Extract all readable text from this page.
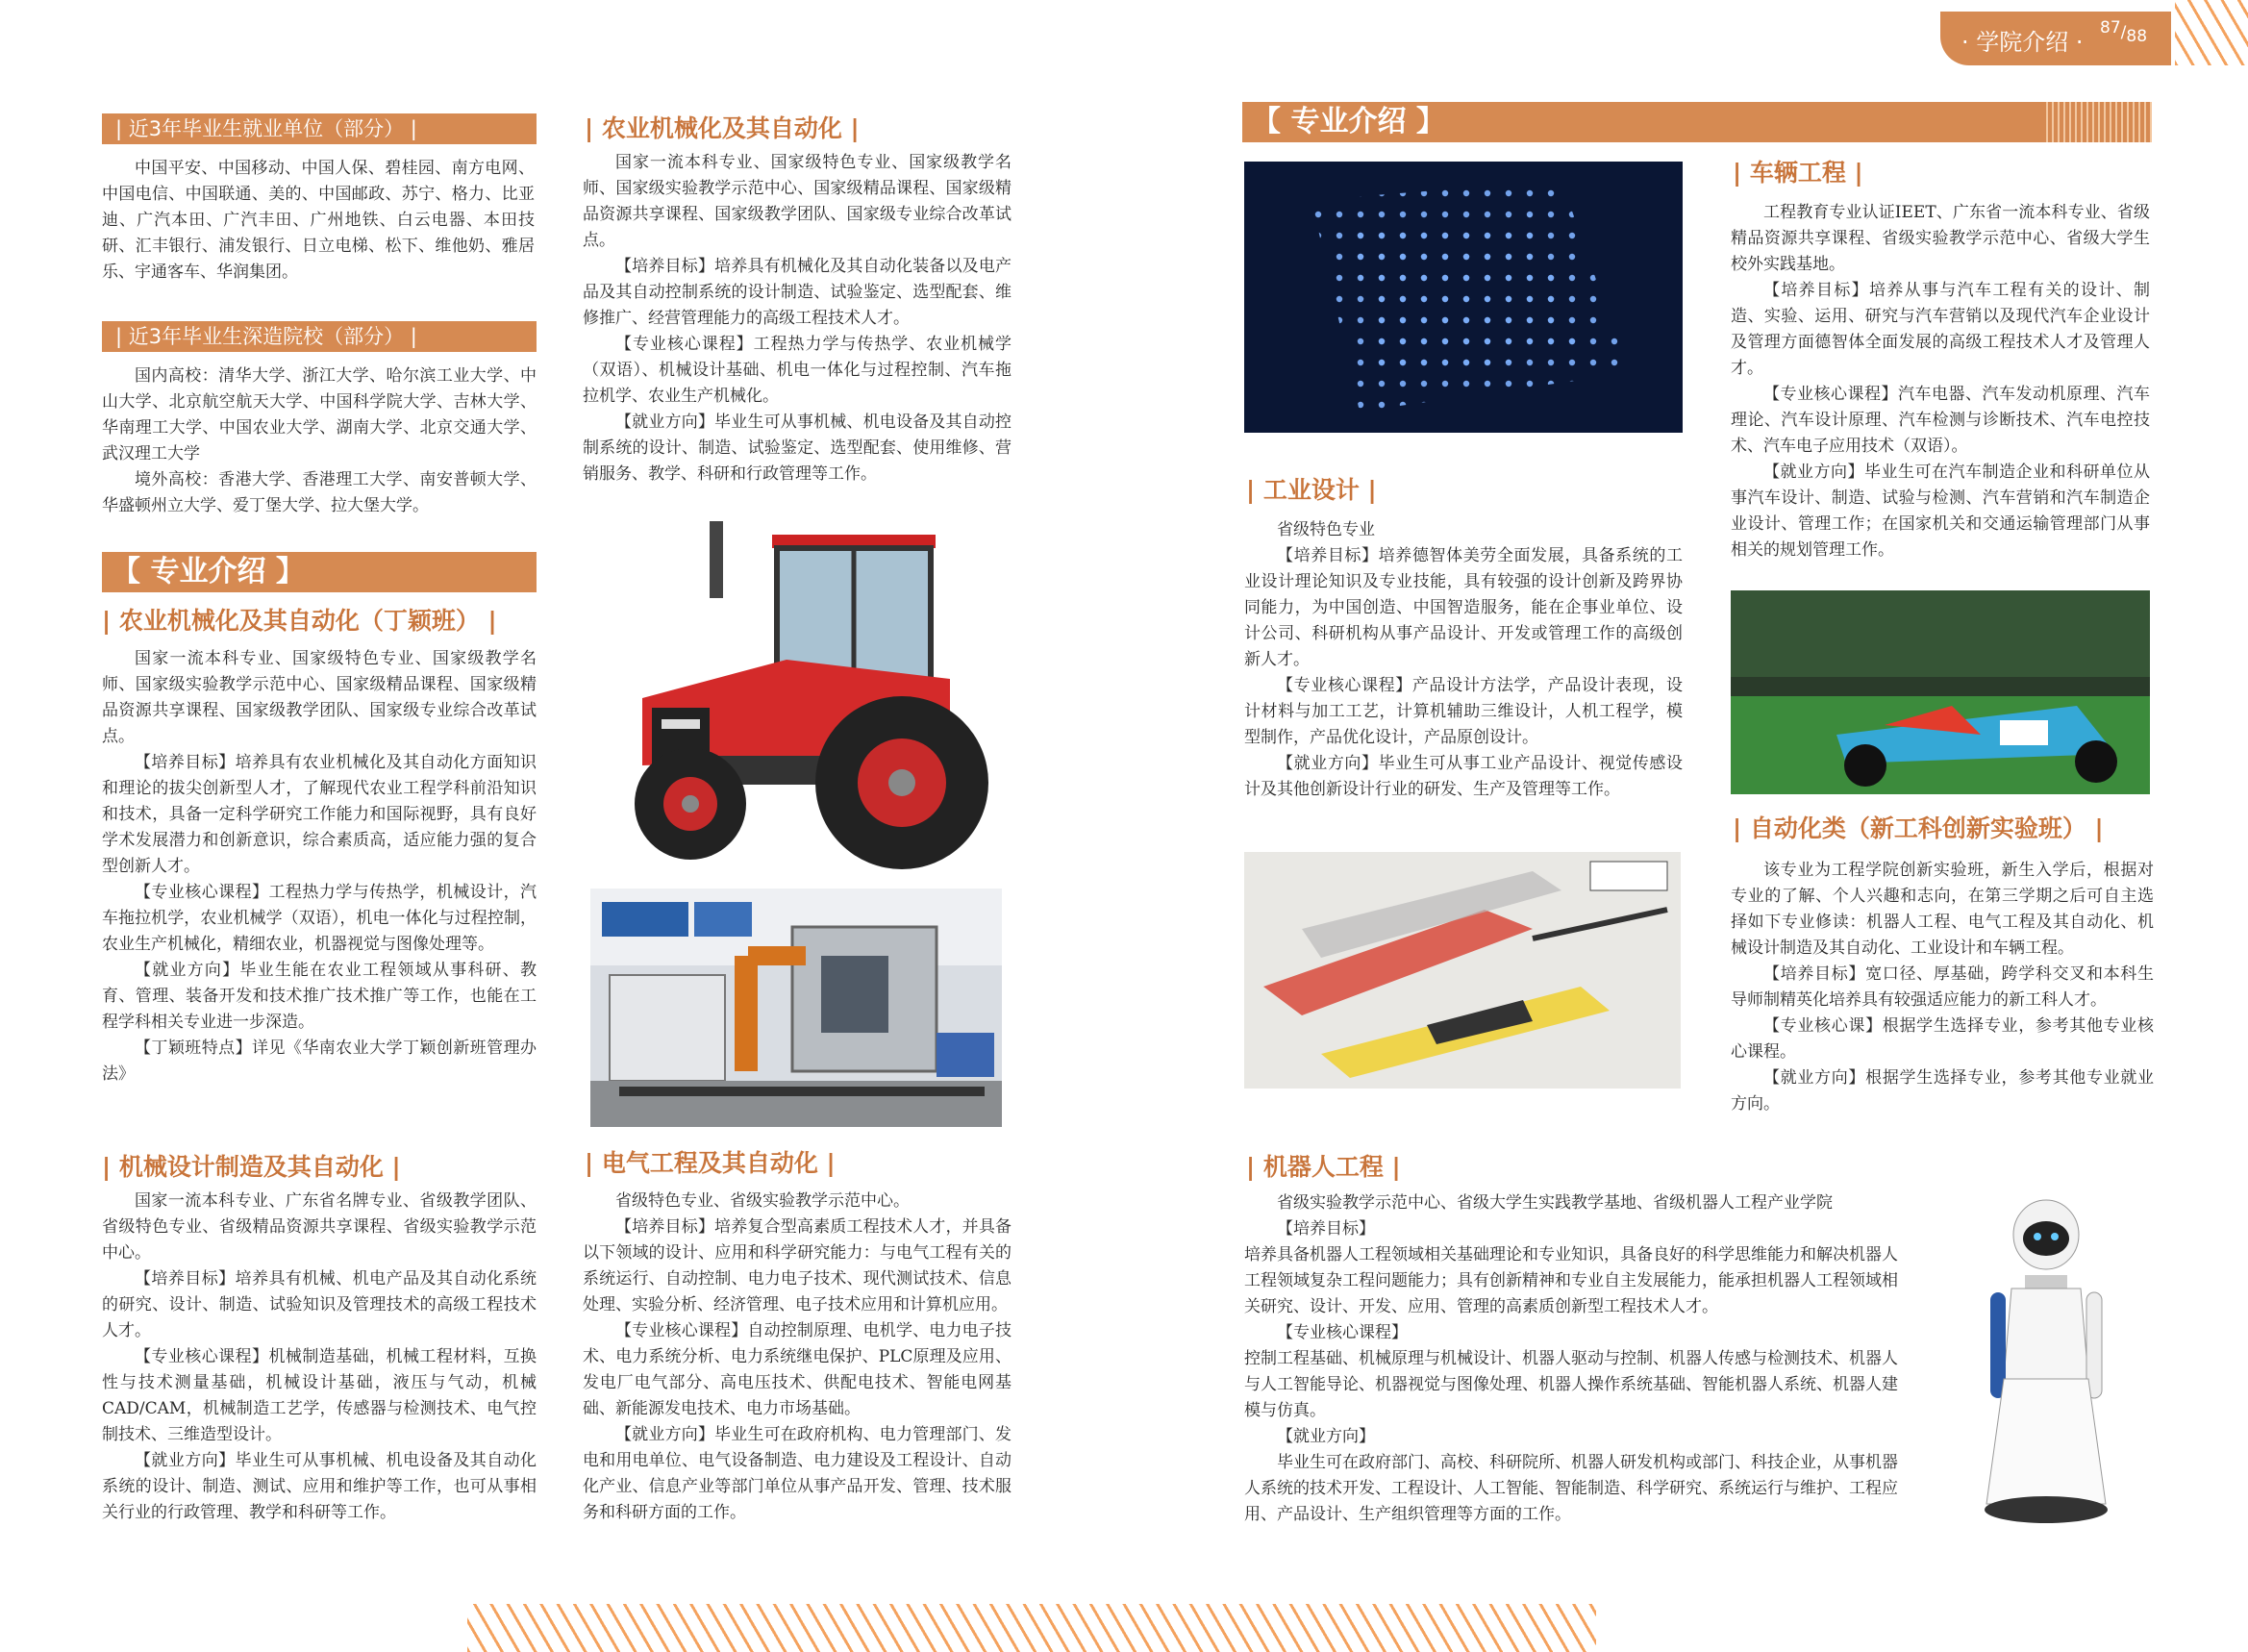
· 学院介绍 ·
87/88
| 近3年毕业生就业单位（部分） |

中国平安、中国移动、中国人保、碧桂园、南方电网、中国电信、中国联通、美的、中国邮政、苏宁、格力、比亚迪、广汽本田、广汽丰田、广州地铁、白云电器、本田技研、汇丰银行、浦发银行、日立电梯、松下、维他奶、雅居乐、宇通客车、华润集团。

| 近3年毕业生深造院校（部分） |

国内高校：清华大学、浙江大学、哈尔滨工业大学、中山大学、北京航空航天大学、中国科学院大学、吉林大学、华南理工大学、中国农业大学、湖南大学、北京交通大学、武汉理工大学

境外高校：香港大学、香港理工大学、南安普顿大学、华盛顿州立大学、爱丁堡大学、拉大堡大学。

【 专业介绍 】
| 农业机械化及其自动化（丁颖班） |

国家一流本科专业、国家级特色专业、国家级教学名师、国家级实验教学示范中心、国家级精品课程、国家级精品资源共享课程、国家级教学团队、国家级专业综合改革试点。

【培养目标】培养具有农业机械化及其自动化方面知识和理论的拔尖创新型人才，了解现代农业工程学科前沿知识和技术，具备一定科学研究工作能力和国际视野，具有良好学术发展潜力和创新意识，综合素质高，适应能力强的复合型创新人才。

【专业核心课程】工程热力学与传热学，机械设计，汽车拖拉机学，农业机械学（双语），机电一体化与过程控制，农业生产机械化，精细农业，机器视觉与图像处理等。

【就业方向】毕业生能在农业工程领域从事科研、教育、管理、装备开发和技术推广技术推广等工作，也能在工程学科相关专业进一步深造。

【丁颖班特点】详见《华南农业大学丁颖创新班管理办法》

| 机械设计制造及其自动化 |

国家一流本科专业、广东省名牌专业、省级教学团队、省级特色专业、省级精品资源共享课程、省级实验教学示范中心。

【培养目标】培养具有机械、机电产品及其自动化系统的研究、设计、制造、试验知识及管理技术的高级工程技术人才。

【专业核心课程】机械制造基础，机械工程材料，互换性与技术测量基础，机械设计基础，液压与气动，机械CAD/CAM，机械制造工艺学，传感器与检测技术、电气控制技术、三维造型设计。

【就业方向】毕业生可从事机械、机电设备及其自动化系统的设计、制造、测试、应用和维护等工作，也可从事相关行业的行政管理、教学和科研等工作。

| 农业机械化及其自动化 |

国家一流本科专业、国家级特色专业、国家级教学名师、国家级实验教学示范中心、国家级精品课程、国家级精品资源共享课程、国家级教学团队、国家级专业综合改革试点。

【培养目标】培养具有机械化及其自动化装备以及电产品及其自动控制系统的设计制造、试验鉴定、选型配套、维修推广、经营管理能力的高级工程技术人才。

【专业核心课程】工程热力学与传热学、农业机械学（双语）、机械设计基础、机电一体化与过程控制、汽车拖拉机学、农业生产机械化。

【就业方向】毕业生可从事机械、机电设备及其自动控制系统的设计、制造、试验鉴定、选型配套、使用维修、营销服务、教学、科研和行政管理等工作。

| 电气工程及其自动化 |

省级特色专业、省级实验教学示范中心。

【培养目标】培养复合型高素质工程技术人才，并具备以下领域的设计、应用和科学研究能力：与电气工程有关的系统运行、自动控制、电力电子技术、现代测试技术、信息处理、实验分析、经济管理、电子技术应用和计算机应用。

【专业核心课程】自动控制原理、电机学、电力电子技术、电力系统分析、电力系统继电保护、PLC原理及应用、发电厂电气部分、高电压技术、供配电技术、智能电网基础、新能源发电技术、电力市场基础。

【就业方向】毕业生可在政府机构、电力管理部门、发电和用电单位、电气设备制造、电力建设及工程设计、自动化产业、信息产业等部门单位从事产品开发、管理、技术服务和科研方面的工作。

【 专业介绍 】
| 工业设计 |

省级特色专业

【培养目标】培养德智体美劳全面发展，具备系统的工业设计理论知识及专业技能，具有较强的设计创新及跨界协同能力，为中国创造、中国智造服务，能在企事业单位、设计公司、科研机构从事产品设计、开发或管理工作的高级创新人才。

【专业核心课程】产品设计方法学，产品设计表现，设计材料与加工工艺，计算机辅助三维设计，人机工程学，模型制作，产品优化设计，产品原创设计。

【就业方向】毕业生可从事工业产品设计、视觉传感设计及其他创新设计行业的研发、生产及管理等工作。

| 车辆工程 |

工程教育专业认证IEET、广东省一流本科专业、省级精品资源共享课程、省级实验教学示范中心、省级大学生校外实践基地。

【培养目标】培养从事与汽车工程有关的设计、制造、实验、运用、研究与汽车营销以及现代汽车企业设计及管理方面德智体全面发展的高级工程技术人才及管理人才。

【专业核心课程】汽车电器、汽车发动机原理、汽车理论、汽车设计原理、汽车检测与诊断技术、汽车电控技术、汽车电子应用技术（双语）。

【就业方向】毕业生可在汽车制造企业和科研单位从事汽车设计、制造、试验与检测、汽车营销和汽车制造企业设计、管理工作；在国家机关和交通运输管理部门从事相关的规划管理工作。

| 自动化类（新工科创新实验班） |

该专业为工程学院创新实验班，新生入学后，根据对专业的了解、个人兴趣和志向，在第三学期之后可自主选择如下专业修读：机器人工程、电气工程及其自动化、机械设计制造及其自动化、工业设计和车辆工程。

【培养目标】宽口径、厚基础，跨学科交叉和本科生导师制精英化培养具有较强适应能力的新工科人才。

【专业核心课】根据学生选择专业，参考其他专业核心课程。

【就业方向】根据学生选择专业，参考其他专业就业方向。

| 机器人工程 |

省级实验教学示范中心、省级大学生实践教学基地、省级机器人工程产业学院

【培养目标】

培养具备机器人工程领域相关基础理论和专业知识，具备良好的科学思维能力和解决机器人工程领域复杂工程问题能力；具有创新精神和专业自主发展能力，能承担机器人工程领域相关研究、设计、开发、应用、管理的高素质创新型工程技术人才。

【专业核心课程】

控制工程基础、机械原理与机械设计、机器人驱动与控制、机器人传感与检测技术、机器人与人工智能导论、机器视觉与图像处理、机器人操作系统基础、智能机器人系统、机器人建模与仿真。

【就业方向】

毕业生可在政府部门、高校、科研院所、机器人研发机构或部门、科技企业，从事机器人系统的技术开发、工程设计、人工智能、智能制造、科学研究、系统运行与维护、工程应用、产品设计、生产组织管理等方面的工作。
